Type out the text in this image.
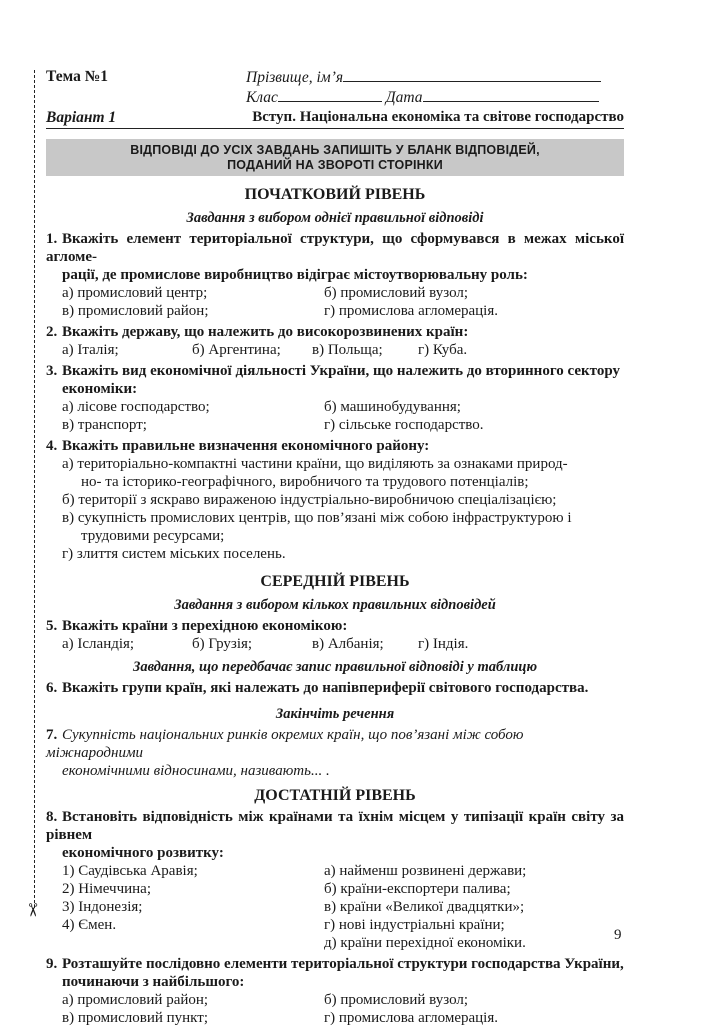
✂
Тема №1	Прізвище, ім’я
Клас	Дата
Варіант 1	Вступ. Національна економіка та світове господарство
ВІДПОВІДІ ДО УСІХ ЗАВДАНЬ ЗАПИШІТЬ У БЛАНК ВІДПОВІДЕЙ,
ПОДАНИЙ НА ЗВОРОТІ СТОРІНКИ
ПОЧАТКОВИЙ РІВЕНЬ
Завдання з вибором однієї правильної відповіді
1. Вкажіть елемент територіальної структури, що сформувався в межах міської агломе-
рації, де промислове виробництво відіграє містоутворювальну роль:
а) промисловий центр;	б) промисловий вузол;
в) промисловий район;	г) промислова агломерація.
2. Вкажіть державу, що належить до високорозвинених країн:
а) Італія;	б) Аргентина;	в) Польща;	г) Куба.
3. Вкажіть вид економічної діяльності України, що належить до вторинного сектору
економіки:
а) лісове господарство;	б) машинобудування;
в) транспорт;	г) сільське господарство.
4. Вкажіть правильне визначення економічного району:
а) територіально-компактні частини країни, що виділяють за ознаками природ-
но- та історико-географічного, виробничого та трудового потенціалів;
б) території з яскраво вираженою індустріально-виробничою спеціалізацією;
в) сукупність промислових центрів, що пов’язані між собою інфраструктурою і
трудовими ресурсами;
г) злиття систем міських поселень.
СЕРЕДНІЙ РІВЕНЬ
Завдання з вибором кількох правильних відповідей
5. Вкажіть країни з перехідною економікою:
а) Ісландія;	б) Грузія;	в) Албанія;	г) Індія.
Завдання, що передбачає запис правильної відповіді у таблицю
6. Вкажіть групи країн, які належать до напівпериферії світового господарства.
Закінчіть речення
7. Сукупність національних ринків окремих країн, що пов’язані між собою міжнародними
економічними відносинами, називають... .
ДОСТАТНІЙ РІВЕНЬ
8. Встановіть відповідність між країнами та їхнім місцем у типізації країн світу за рівнем
економічного розвитку:
1) Саудівська Аравія;	а) найменш розвинені держави;
2) Німеччина;	б) країни-експортери палива;
3) Індонезія;	в) країни «Великої двадцятки»;
4) Ємен.	г) нові індустріальні країни;
д) країни перехідної економіки.
9. Розташуйте послідовно елементи територіальної структури господарства України,
починаючи з найбільшого:
а) промисловий район;	б) промисловий вузол;
в) промисловий пункт;	г) промислова агломерація.
9
